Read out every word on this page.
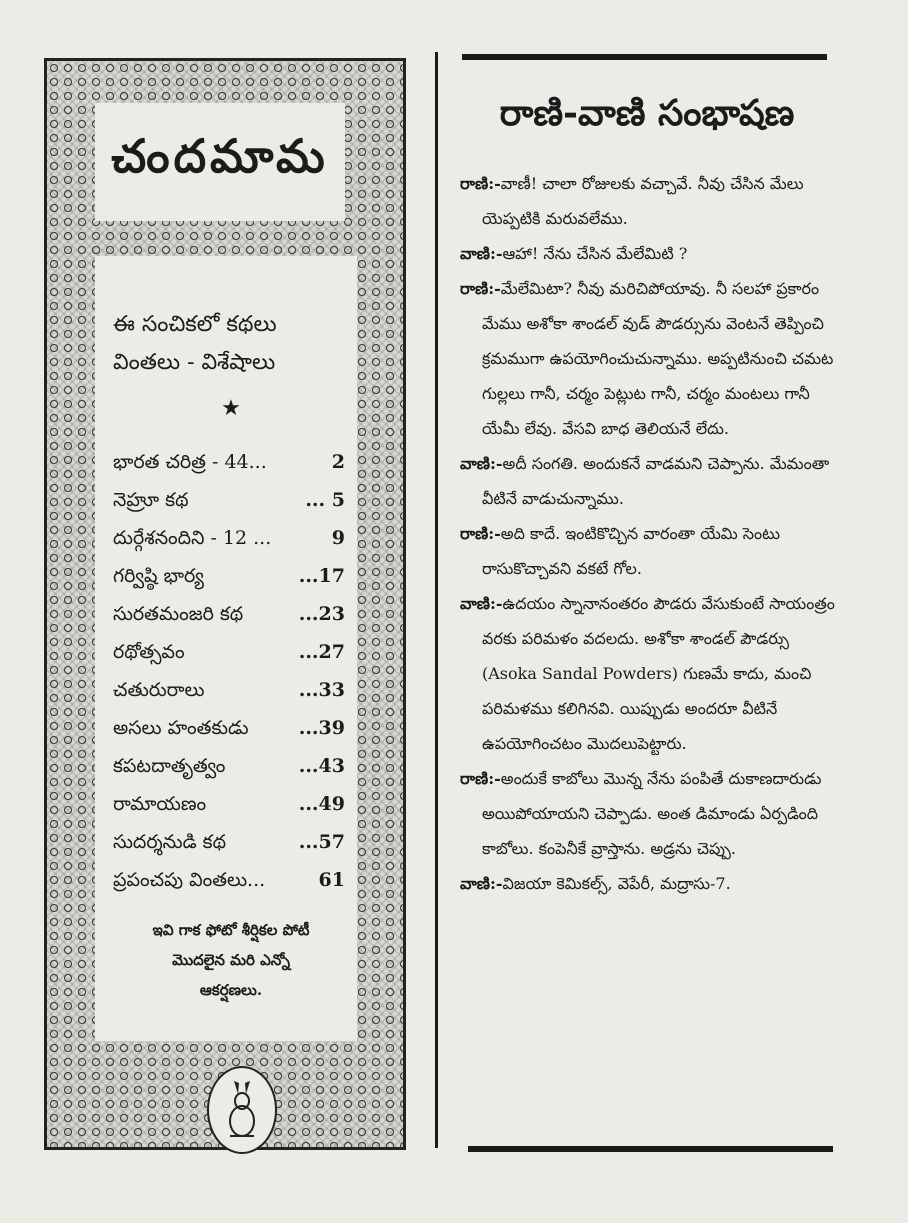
చందమామ
ఈ సంచికలో కథలు
వింతలు - విశేషాలు
★
భారత చరిత్ర - 44...	2
నెహ్రూ కథ	... 5
దుర్గేశనందిని - 12 ...	9
గర్విష్ఠి భార్య	...17
సురతమంజరి కథ	...23
రథోత్సవం	...27
చతురురాలు	...33
అసలు హంతకుడు	...39
కపటదాతృత్వం	...43
రామాయణం	...49
సుదర్శనుడి కథ	...57
ప్రపంచపు వింతలు...	61
ఇవి గాక ఫోటో శీర్షికల పోటీ
మొదలైన మరి ఎన్నో
ఆకర్షణలు.
రాణి-వాణి సంభాషణ

రాణి:-వాణీ! చాలా రోజులకు వచ్చావే. నీవు చేసిన మేలు యెప్పటికి మరువలేము.

వాణి:-ఆహా! నేను చేసిన మేలేమిటి ?

రాణి:-మేలేమిటా? నీవు మరిచిపోయావు. నీ సలహా ప్రకారం మేము అశోకా శాండల్ వుడ్ పౌడర్సును వెంటనే తెప్పించి క్రమముగా ఉపయోగించుచున్నాము. అప్పటినుంచి చమట గుల్లలు గానీ, చర్మం పెట్లుట గానీ, చర్మం మంటలు గానీ యేమీ లేవు. వేసవి బాధ తెలియనే లేదు.

వాణి:-అదీ సంగతి. అందుకనే వాడమని చెప్పాను. మేమంతా వీటినే వాడుచున్నాము.

రాణి:-అది కాదే. ఇంటికొచ్చిన వారంతా యేమి సెంటు రాసుకొచ్చావని వకటే గోల.

వాణి:-ఉదయం స్నానానంతరం పౌడరు వేసుకుంటే సాయంత్రం వరకు పరిమళం వదలదు. అశోకా శాండల్ పౌడర్సు (Asoka Sandal Powders) గుణమే కాదు, మంచి పరిమళము కలిగినవి. యిప్పుడు అందరూ వీటినే ఉపయోగించటం మొదలుపెట్టారు.

రాణి:-అందుకే కాబోలు మొన్న నేను పంపితే దుకాణదారుడు అయిపోయాయని చెప్పాడు. అంత డిమాండు ఏర్పడింది కాబోలు. కంపెనీకే వ్రాస్తాను. అడ్రను చెప్పు.

వాణి:-విజయా కెమికల్స్, వెపేరీ, మద్రాసు-7.
